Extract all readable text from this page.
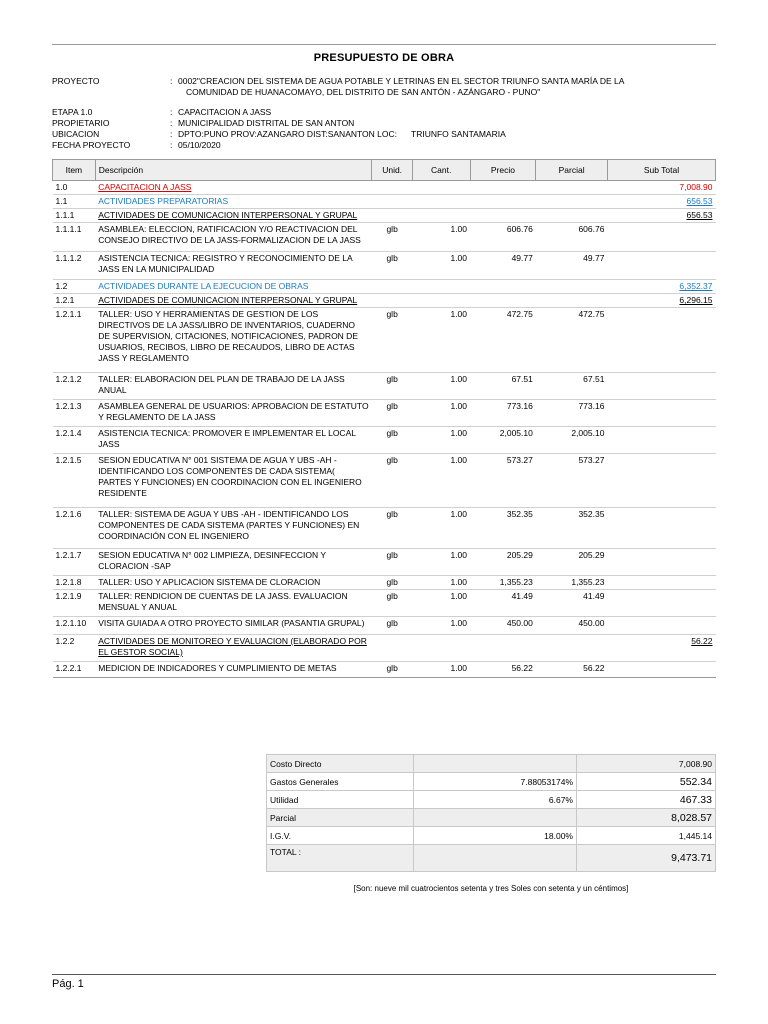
PRESUPUESTO DE OBRA
PROYECTO	: 0002"CREACION DEL SISTEMA DE AGUA POTABLE Y LETRINAS EN EL SECTOR TRIUNFO SANTA MARÍA DE LA
COMUNIDAD DE HUANACOMAYO, DEL DISTRITO DE SAN ANTÓN - AZÁNGARO - PUNO"
ETAPA 1.0	: CAPACITACION A JASS
PROPIETARIO	: MUNICIPALIDAD DISTRITAL DE SAN ANTON
UBICACION	: DPTO:PUNO PROV:AZANGARO DIST:SANANTON LOC:      TRIUNFO SANTAMARIA
FECHA PROYECTO	: 05/10/2020
Item	Descripción	Unid.	Cant.	Precio	Parcial	Sub Total
1.0	CAPACITACION A JASS					7,008.90
1.1	ACTIVIDADES PREPARATORIAS					656.53
1.1.1	ACTIVIDADES DE COMUNICACION INTERPERSONAL Y GRUPAL					656.53
1.1.1.1	ASAMBLEA: ELECCION, RATIFICACION Y/O REACTIVACION DEL CONSEJO DIRECTIVO DE LA JASS-FORMALIZACION DE LA JASS	glb	1.00	606.76	606.76	
1.1.1.2	ASISTENCIA TECNICA: REGISTRO Y RECONOCIMIENTO DE LA JASS EN LA MUNICIPALIDAD	glb	1.00	49.77	49.77	
1.2	ACTIVIDADES DURANTE LA EJECUCION DE OBRAS					6,352.37
1.2.1	ACTIVIDADES DE COMUNICACION INTERPERSONAL Y GRUPAL					6,296.15
1.2.1.1	TALLER: USO Y HERRAMIENTAS DE GESTION DE LOS DIRECTIVOS DE LA JASS/LIBRO DE INVENTARIOS, CUADERNO DE SUPERVISION, CITACIONES, NOTIFICACIONES, PADRON DE USUARIOS, RECIBOS, LIBRO DE RECAUDOS, LIBRO DE ACTAS JASS Y REGLAMENTO	glb	1.00	472.75	472.75	
1.2.1.2	TALLER: ELABORACION DEL PLAN DE TRABAJO DE LA JASS ANUAL	glb	1.00	67.51	67.51	
1.2.1.3	ASAMBLEA GENERAL DE USUARIOS: APROBACION DE ESTATUTO Y REGLAMENTO DE LA JASS	glb	1.00	773.16	773.16	
1.2.1.4	ASISTENCIA TECNICA: PROMOVER E IMPLEMENTAR EL LOCAL JASS	glb	1.00	2,005.10	2,005.10	
1.2.1.5	SESION EDUCATIVA N° 001 SISTEMA DE AGUA Y UBS -AH - IDENTIFICANDO LOS COMPONENTES DE CADA SISTEMA( PARTES Y FUNCIONES) EN COORDINACION CON EL INGENIERO RESIDENTE	glb	1.00	573.27	573.27	
1.2.1.6	TALLER: SISTEMA DE AGUA Y UBS -AH - IDENTIFICANDO LOS COMPONENTES DE CADA SISTEMA (PARTES Y FUNCIONES) EN COORDINACIÓN CON EL INGENIERO	glb	1.00	352.35	352.35	
1.2.1.7	SESION EDUCATIVA N° 002 LIMPIEZA, DESINFECCION Y CLORACION -SAP	glb	1.00	205.29	205.29	
1.2.1.8	TALLER: USO Y APLICACION SISTEMA DE CLORACION	glb	1.00	1,355.23	1,355.23	
1.2.1.9	TALLER: RENDICION DE CUENTAS DE LA JASS. EVALUACION MENSUAL Y ANUAL	glb	1.00	41.49	41.49	
1.2.1.10	VISITA GUIADA A OTRO PROYECTO SIMILAR (PASANTIA GRUPAL)	glb	1.00	450.00	450.00	
1.2.2	ACTIVIDADES DE MONITOREO Y EVALUACION (ELABORADO POR EL GESTOR SOCIAL)					56.22
1.2.2.1	MEDICION DE INDICADORES Y CUMPLIMIENTO DE METAS	glb	1.00	56.22	56.22	
Costo Directo		7,008.90
Gastos Generales	7.88053174%	552.34
Utilidad	6.67%	467.33
Parcial		8,028.57
I.G.V.	18.00%	1,445.14
TOTAL :		9,473.71
[Son: nueve mil cuatrocientos setenta y tres Soles con setenta y un céntimos]
Pág. 1
